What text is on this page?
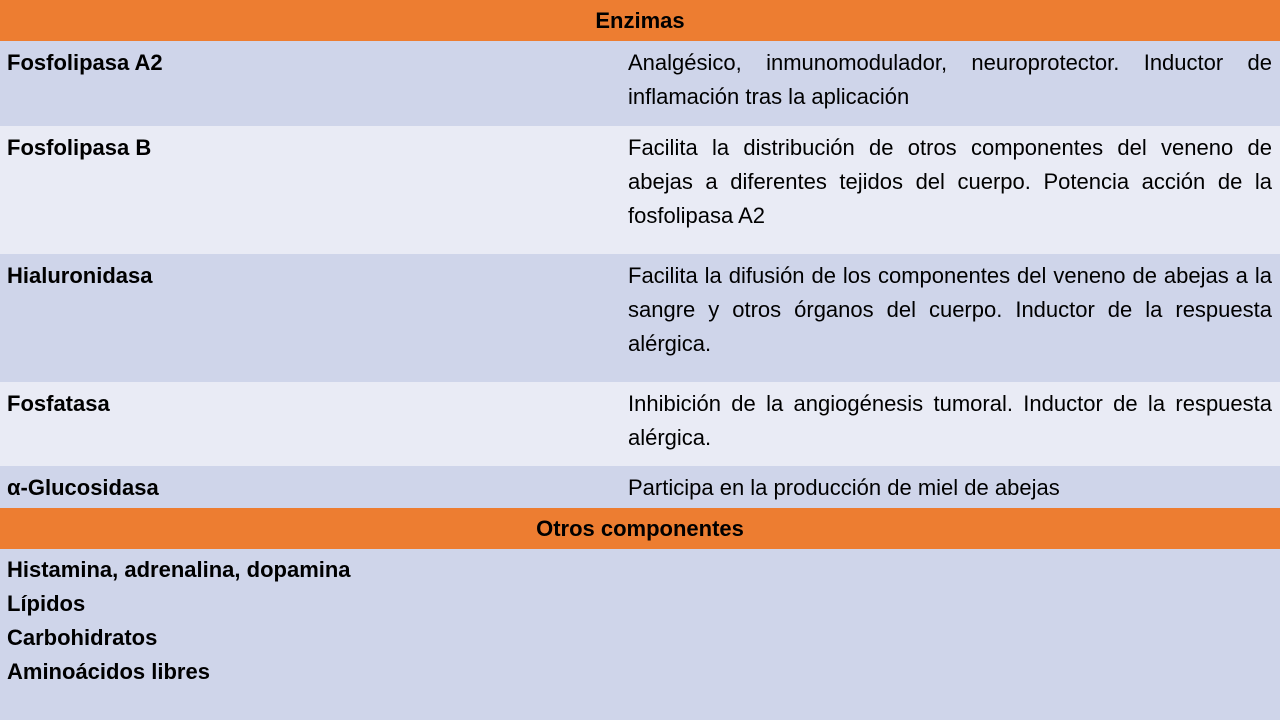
Enzimas
Fosfolipasa A2	Analgésico, inmunomodulador, neuroprotector. Inductor de inflamación tras la aplicación
Fosfolipasa B	Facilita la distribución de otros componentes del veneno de abejas a diferentes tejidos del cuerpo. Potencia acción de la fosfolipasa A2
Hialuronidasa	Facilita la difusión de los componentes del veneno de abejas a la sangre y otros órganos del cuerpo. Inductor de la respuesta alérgica.
Fosfatasa	Inhibición de la angiogénesis tumoral. Inductor de la respuesta alérgica.
α-Glucosidasa	Participa en la producción de miel de abejas
Otros componentes
Histamina, adrenalina, dopamina
Lípidos
Carbohidratos
Aminoácidos libres
